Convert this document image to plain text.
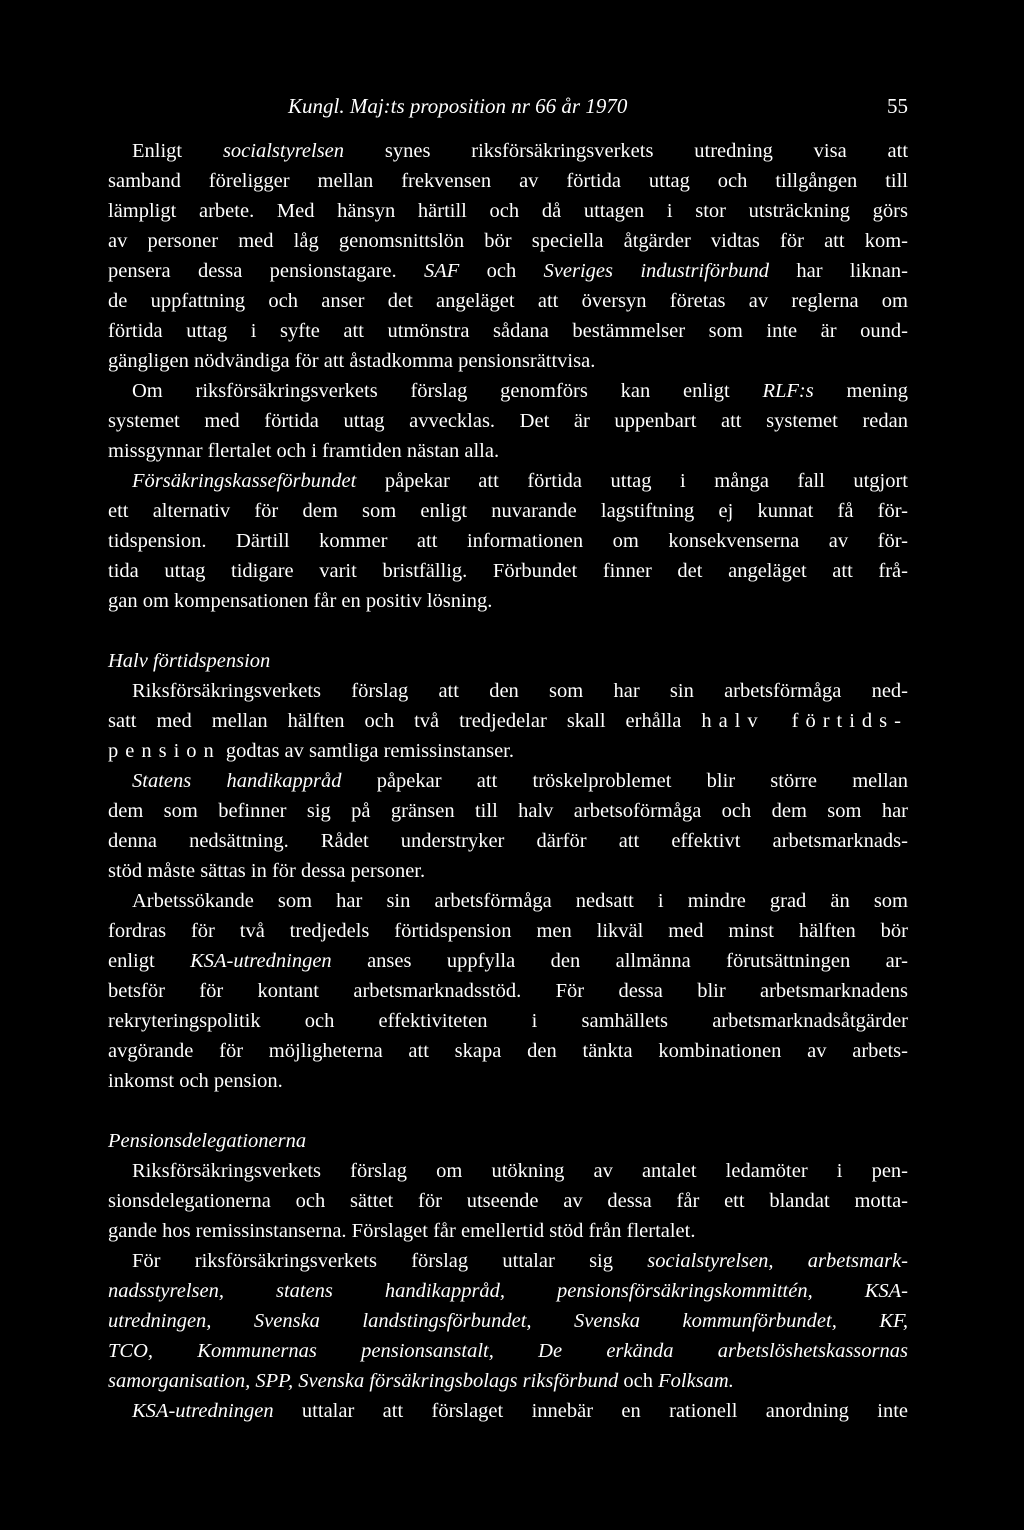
Kungl. Maj:ts proposition nr 66 år 1970	55
Enligt socialstyrelsen synes riksförsäkringsverkets utredning visa att
samband föreligger mellan frekvensen av förtida uttag och tillgången till
lämpligt arbete. Med hänsyn härtill och då uttagen i stor utsträckning görs
av personer med låg genomsnittslön bör speciella åtgärder vidtas för att kom-
pensera dessa pensionstagare. SAF och Sveriges industriförbund har liknan-
de uppfattning och anser det angeläget att översyn företas av reglerna om
förtida uttag i syfte att utmönstra sådana bestämmelser som inte är ound-
gängligen nödvändiga för att åstadkomma pensionsrättvisa.
Om riksförsäkringsverkets förslag genomförs kan enligt RLF:s mening
systemet med förtida uttag avvecklas. Det är uppenbart att systemet redan
missgynnar flertalet och i framtiden nästan alla.
Försäkringskasseförbundet påpekar att förtida uttag i många fall utgjort
ett alternativ för dem som enligt nuvarande lagstiftning ej kunnat få för-
tidspension. Därtill kommer att informationen om konsekvenserna av för-
tida uttag tidigare varit bristfällig. Förbundet finner det angeläget att frå-
gan om kompensationen får en positiv lösning.
Halv förtidspension
Riksförsäkringsverkets förslag att den som har sin arbetsförmåga ned-
satt med mellan hälften och två tredjedelar skall erhålla halv förtids-
pension godtas av samtliga remissinstanser.
Statens handikappråd påpekar att tröskelproblemet blir större mellan
dem som befinner sig på gränsen till halv arbetsoförmåga och dem som har
denna nedsättning. Rådet understryker därför att effektivt arbetsmarknads-
stöd måste sättas in för dessa personer.
Arbetssökande som har sin arbetsförmåga nedsatt i mindre grad än som
fordras för två tredjedels förtidspension men likväl med minst hälften bör
enligt KSA-utredningen anses uppfylla den allmänna förutsättningen ar-
betsför för kontant arbetsmarknadsstöd. För dessa blir arbetsmarknadens
rekryteringspolitik och effektiviteten i samhällets arbetsmarknadsåtgärder
avgörande för möjligheterna att skapa den tänkta kombinationen av arbets-
inkomst och pension.
Pensionsdelegationerna
Riksförsäkringsverkets förslag om utökning av antalet ledamöter i pen-
sionsdelegationerna och sättet för utseende av dessa får ett blandat motta-
gande hos remissinstanserna. Förslaget får emellertid stöd från flertalet.
För riksförsäkringsverkets förslag uttalar sig socialstyrelsen, arbetsmark-
nadsstyrelsen, statens handikappråd, pensionsförsäkringskommittén, KSA-
utredningen, Svenska landstingsförbundet, Svenska kommunförbundet, KF,
TCO, Kommunernas pensionsanstalt, De erkända arbetslöshetskassornas
samorganisation, SPP, Svenska försäkringsbolags riksförbund och Folksam.
KSA-utredningen uttalar att förslaget innebär en rationell anordning inte
